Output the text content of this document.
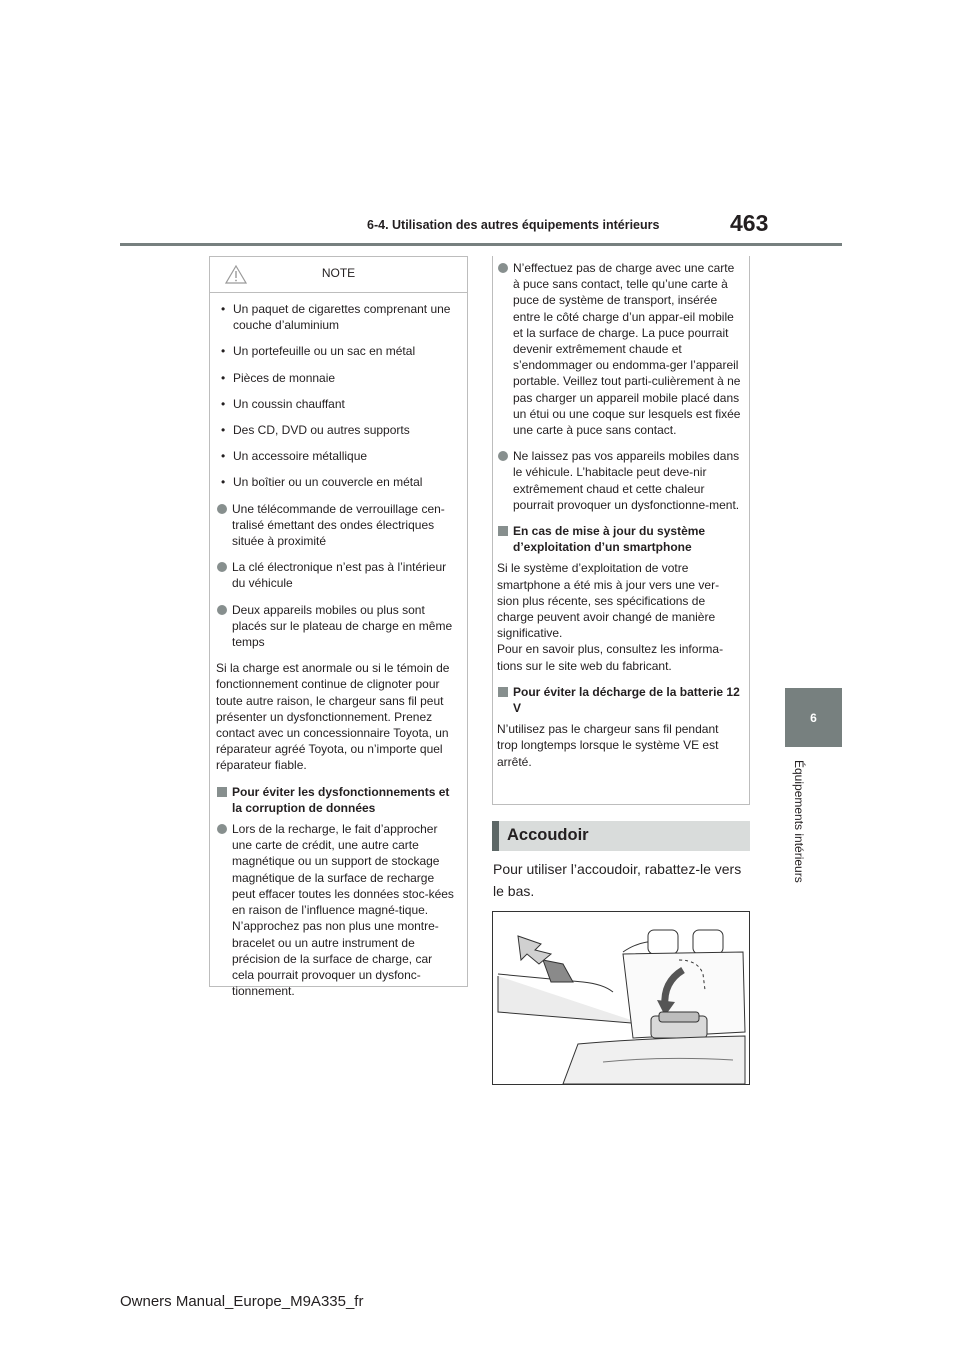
6-4. Utilisation des autres équipements intérieurs	463
6
Équipements intérieurs
NOTE

• Un paquet de cigarettes comprenant une couche d’aluminium

• Un portefeuille ou un sac en métal

• Pièces de monnaie

• Un coussin chauffant

• Des CD, DVD ou autres supports

• Un accessoire métallique

• Un boîtier ou un couvercle en métal

Une télécommande de verrouillage cen-tralisé émettant des ondes électriques située à proximité

La clé électronique n’est pas à l’intérieur du véhicule

Deux appareils mobiles ou plus sont placés sur le plateau de charge en même temps

Si la charge est anormale ou si le témoin de fonctionnement continue de clignoter pour toute autre raison, le chargeur sans fil peut présenter un dysfonctionnement. Prenez contact avec un concessionnaire Toyota, un réparateur agréé Toyota, ou n’importe quel réparateur fiable.

Pour éviter les dysfonctionnements et la corruption de données

Lors de la recharge, le fait d’approcher une carte de crédit, une autre carte magnétique ou un support de stockage magnétique de la surface de recharge peut effacer toutes les données stoc-kées en raison de l’influence magné-tique. N’approchez pas non plus une montre-bracelet ou un autre instrument de précision de la surface de charge, car cela pourrait provoquer un dysfonc-tionnement.

N’effectuez pas de charge avec une carte à puce sans contact, telle qu’une carte à puce de système de transport, insérée entre le côté charge d’un appar-eil mobile et la surface de charge. La puce pourrait devenir extrêmement chaude et s’endommager ou endomma-ger l’appareil portable. Veillez tout parti-culièrement à ne pas charger un appareil mobile placé dans un étui ou une coque sur lesquels est fixée une carte à puce sans contact.

Ne laissez pas vos appareils mobiles dans le véhicule. L’habitacle peut deve-nir extrêmement chaud et cette chaleur pourrait provoquer un dysfonctionne-ment.

En cas de mise à jour du système d’exploitation d’un smartphone

Si le système d’exploitation de votre smartphone a été mis à jour vers une ver-sion plus récente, ses spécifications de charge peuvent avoir changé de manière significative.

Pour en savoir plus, consultez les informa-tions sur le site web du fabricant.

Pour éviter la décharge de la batterie 12 V

N’utilisez pas le chargeur sans fil pendant trop longtemps lorsque le système VE est arrêté.

Accoudoir
Pour utiliser l’accoudoir, rabattez-le vers le bas.
Owners Manual_Europe_M9A335_fr
